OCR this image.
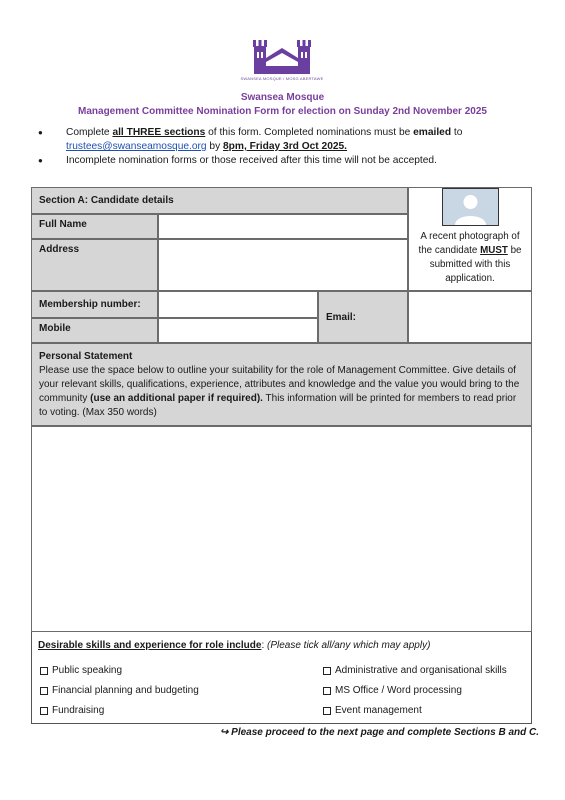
SWANSEA MOSQUE / MOSG ABERTAWE
Swansea Mosque
Management Committee Nomination Form for election on Sunday 2nd November 2025
● Complete all THREE sections of this form. Completed nominations must be emailed to
trustees@swanseamosque.org by 8pm, Friday 3rd Oct 2025.
● Incomplete nomination forms or those received after this time will not be accepted.
Section A: Candidate details
Full Name
Address
A recent photograph of the candidate MUST be submitted with this application.
Membership number:
Email:
Mobile
Personal Statement
Please use the space below to outline your suitability for the role of Management Committee. Give details of your relevant skills, qualifications, experience, attributes and knowledge and the value you would bring to the community (use an additional paper if required). This information will be printed for members to read prior to voting. (Max 350 words)
Desirable skills and experience for role include: (Please tick all/any which may apply)
Public speaking
Financial planning and budgeting
Fundraising
Administrative and organisational skills
MS Office / Word processing
Event management
↪ Please proceed to the next page and complete Sections B and C.
